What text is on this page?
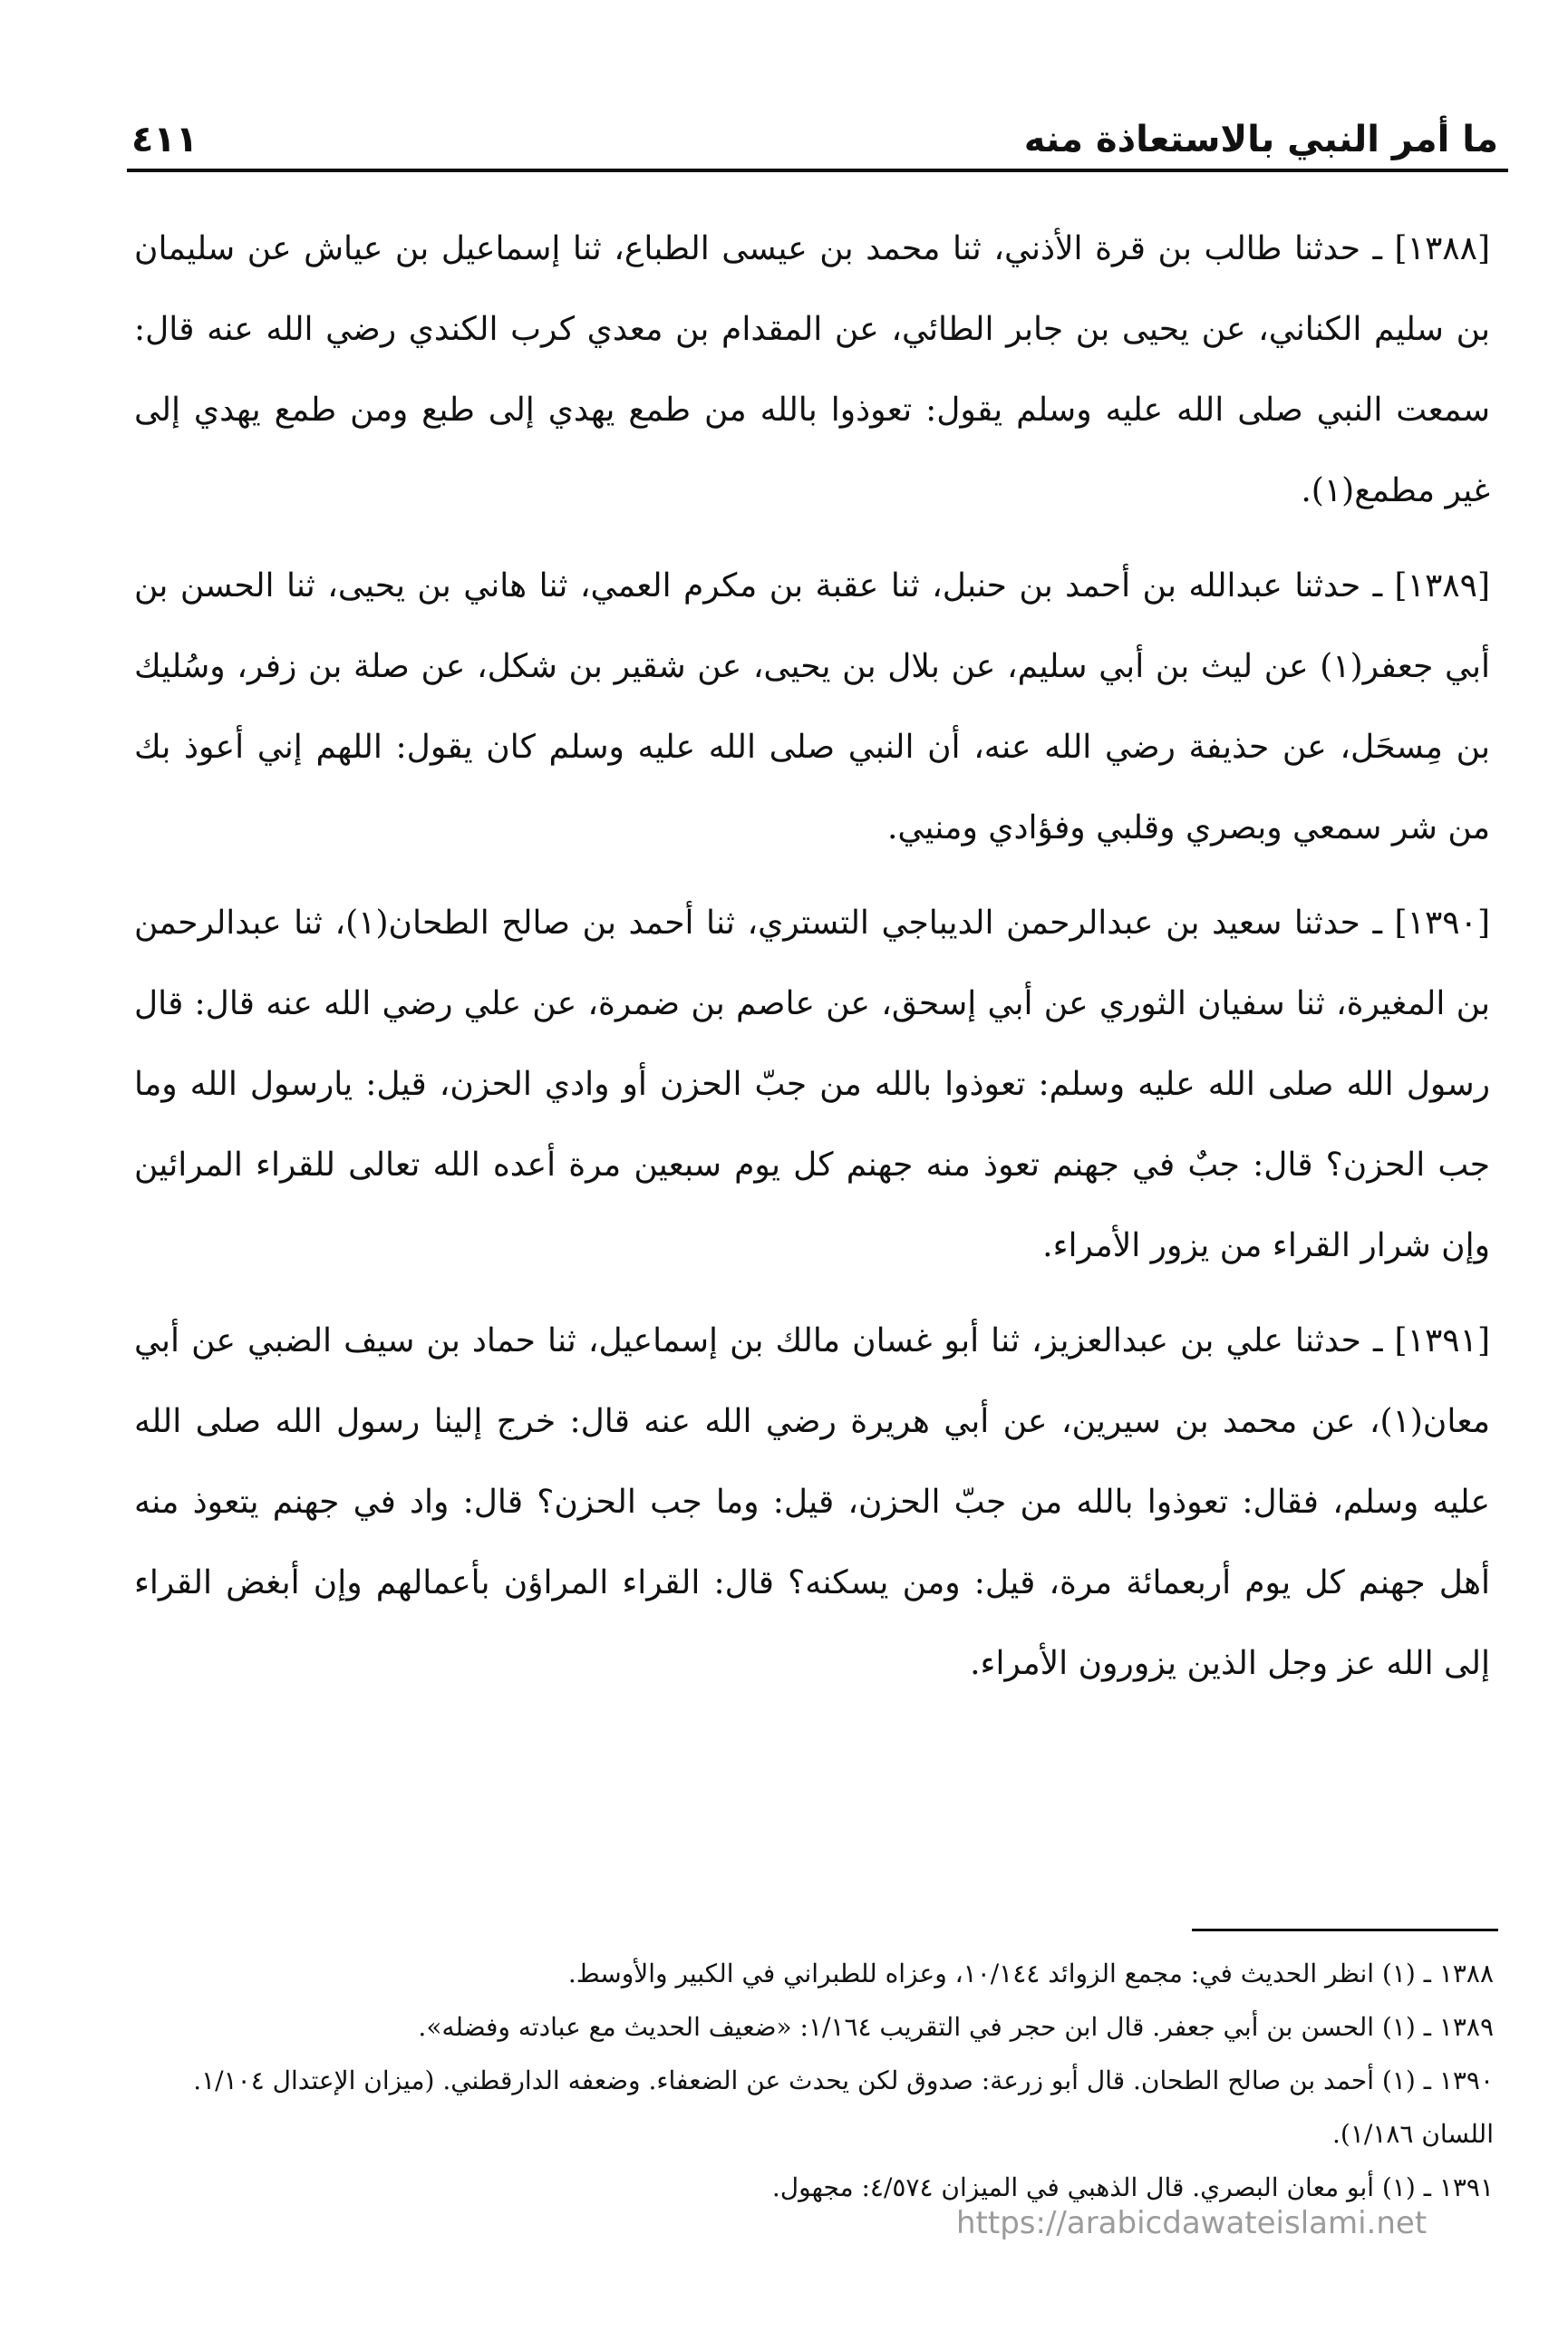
ما أمر النبي بالاستعاذة منه
٤١١

[١٣٨٨] ـ حدثنا طالب بن قرة الأذني، ثنا محمد بن عيسى الطباع، ثنا إسماعيل بن عياش عن سليمان بن سليم الكناني، عن يحيى بن جابر الطائي، عن المقدام بن معدي كرب الكندي رضي الله عنه قال: سمعت النبي صلى الله عليه وسلم يقول: تعوذوا بالله من طمع يهدي إلى طبع ومن طمع يهدي إلى غير مطمع(١).

[١٣٨٩] ـ حدثنا عبدالله بن أحمد بن حنبل، ثنا عقبة بن مكرم العمي، ثنا هاني بن يحيى، ثنا الحسن بن أبي جعفر(١) عن ليث بن أبي سليم، عن بلال بن يحيى، عن شقير بن شكل، عن صلة بن زفر، وسُليك بن مِسحَل، عن حذيفة رضي الله عنه، أن النبي صلى الله عليه وسلم كان يقول: اللهم إني أعوذ بك من شر سمعي وبصري وقلبي وفؤادي ومنيي.

[١٣٩٠] ـ حدثنا سعيد بن عبدالرحمن الديباجي التستري، ثنا أحمد بن صالح الطحان(١)، ثنا عبدالرحمن بن المغيرة، ثنا سفيان الثوري عن أبي إسحق، عن عاصم بن ضمرة، عن علي رضي الله عنه قال: قال رسول الله صلى الله عليه وسلم: تعوذوا بالله من جبّ الحزن أو وادي الحزن، قيل: يارسول الله وما جب الحزن؟ قال: جبٌ في جهنم تعوذ منه جهنم كل يوم سبعين مرة أعده الله تعالى للقراء المرائين وإن شرار القراء من يزور الأمراء.

[١٣٩١] ـ حدثنا علي بن عبدالعزيز، ثنا أبو غسان مالك بن إسماعيل، ثنا حماد بن سيف الضبي عن أبي معان(١)، عن محمد بن سيرين، عن أبي هريرة رضي الله عنه قال: خرج إلينا رسول الله صلى الله عليه وسلم، فقال: تعوذوا بالله من جبّ الحزن، قيل: وما جب الحزن؟ قال: واد في جهنم يتعوذ منه أهل جهنم كل يوم أربعمائة مرة، قيل: ومن يسكنه؟ قال: القراء المراؤن بأعمالهم وإن أبغض القراء إلى الله عز وجل الذين يزورون الأمراء.

١٣٨٨ ـ (١) انظر الحديث في: مجمع الزوائد ١٠/١٤٤، وعزاه للطبراني في الكبير والأوسط.

١٣٨٩ ـ (١) الحسن بن أبي جعفر. قال ابن حجر في التقريب ١/١٦٤: «ضعيف الحديث مع عبادته وفضله».

١٣٩٠ ـ (١) أحمد بن صالح الطحان. قال أبو زرعة: صدوق لكن يحدث عن الضعفاء. وضعفه الدارقطني. (ميزان الإعتدال ١/١٠٤. اللسان ١/١٨٦).

١٣٩١ ـ (١) أبو معان البصري. قال الذهبي في الميزان ٤/٥٧٤: مجهول.

https://arabicdawateislami.net
